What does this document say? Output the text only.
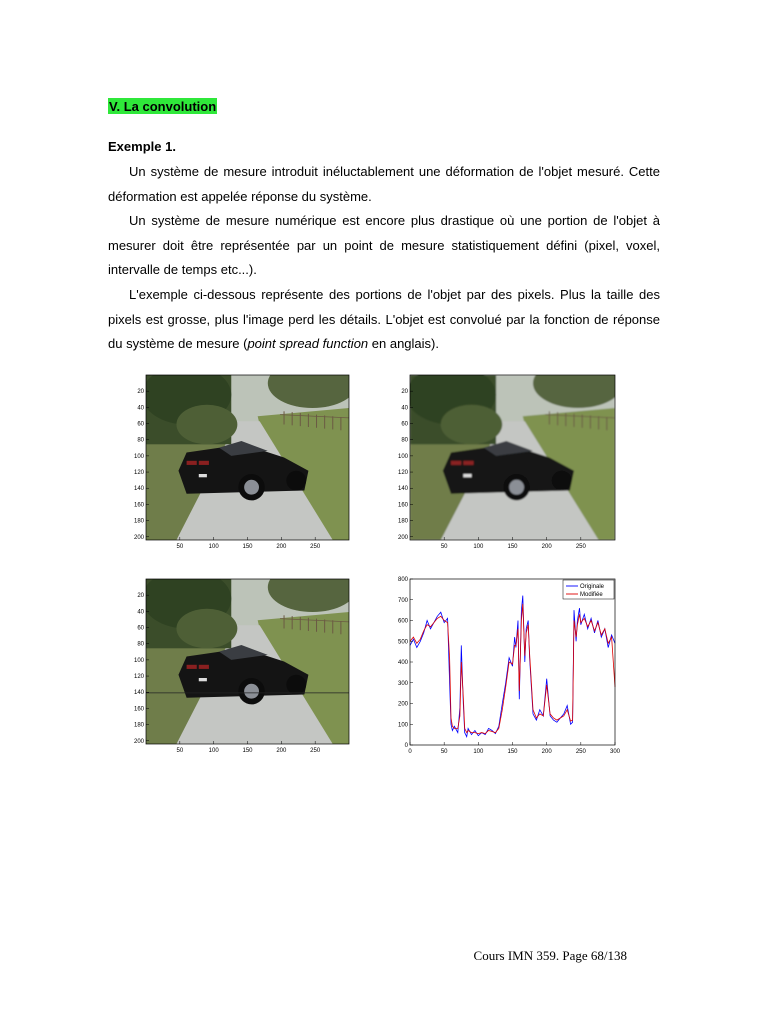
V. La convolution
Exemple 1.

Un système de mesure introduit inéluctablement une déformation de l'objet mesuré. Cette déformation est appelée réponse du système.

Un système de mesure numérique est encore plus drastique où une portion de l'objet à mesurer doit être représentée par un point de mesure statistiquement défini (pixel, voxel, intervalle de temps etc...).

L'exemple ci-dessous représente des portions de l'objet par des pixels. Plus la taille des pixels est grosse, plus l'image perd les détails. L'objet est convolué par la fonction de réponse du système de mesure (point spread function en anglais).

50	100	150	200	250
20
40
60
80
100
120
140
160
180
200
50	100	150	200	250
20
40
60
80
100
120
140
160
180
200
50	100	150	200	250
20
40
60
80
100
120
140
160
180
200
0	50	100	150	200	250	300
0
100
200
300
400
500
600
700
800
Originale
Modifiée
Cours IMN 359. Page 68/138
